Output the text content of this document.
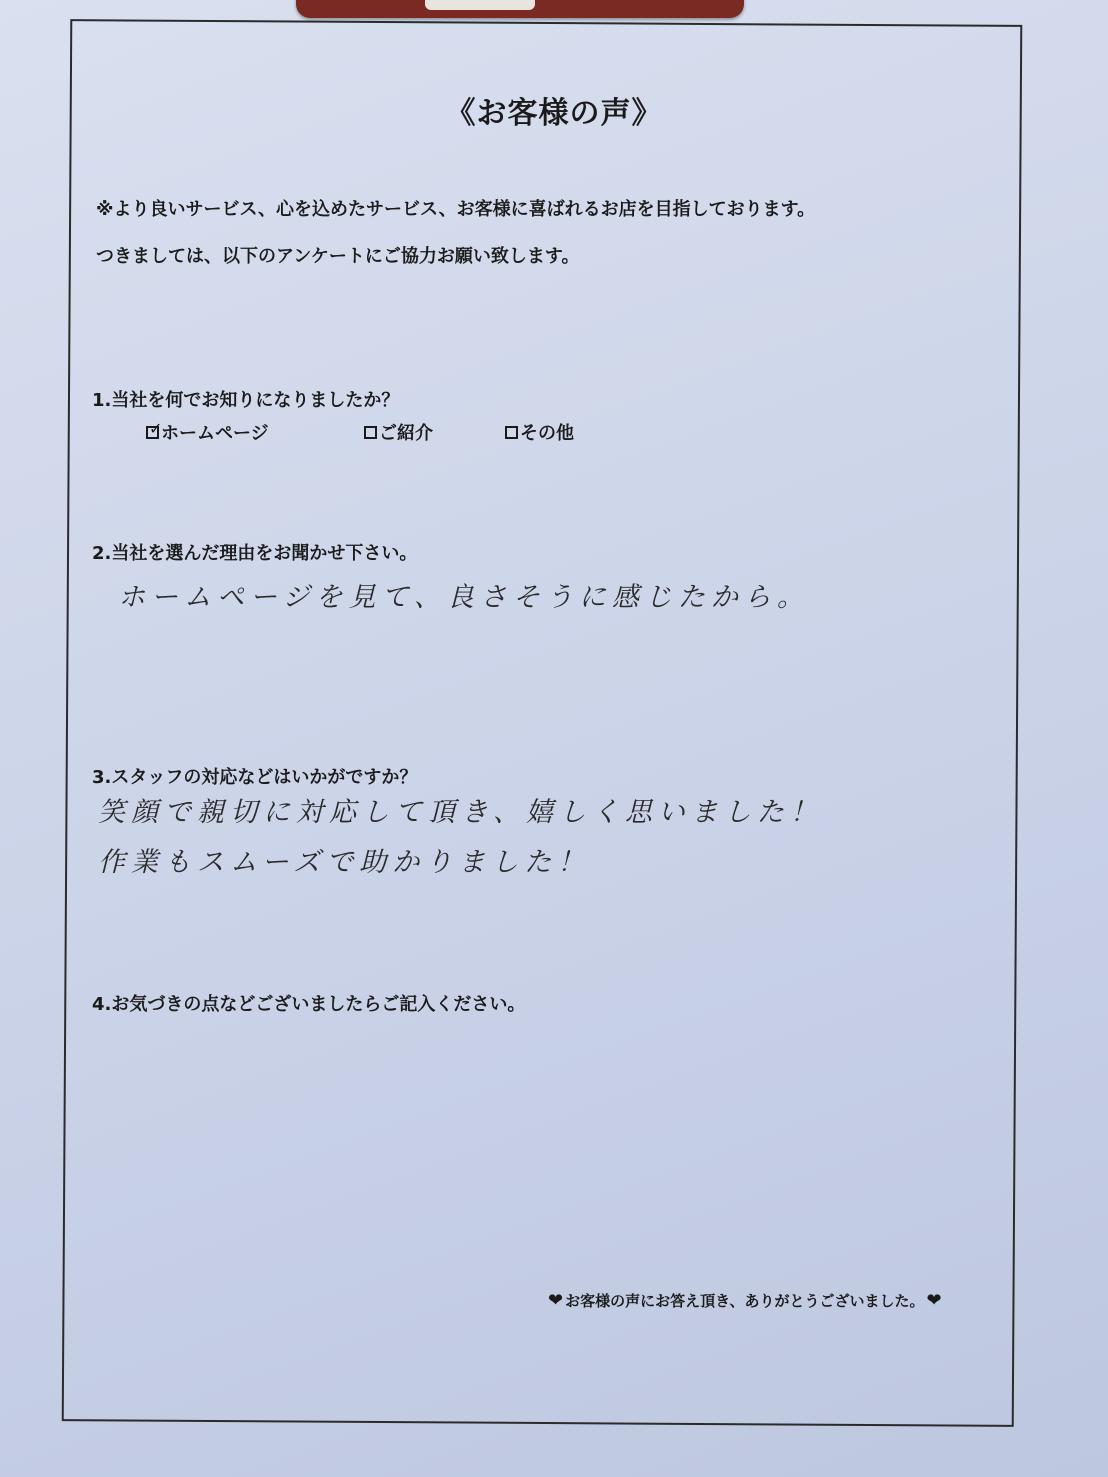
《お客様の声》
※より良いサービス、心を込めたサービス、お客様に喜ばれるお店を目指しております。
つきましては、以下のアンケートにご協力お願い致します。
1.当社を何でお知りになりましたか？
✓
ホームページ	ご紹介	その他
2.当社を選んだ理由をお聞かせ下さい。
ホームページを見て、良さそうに感じたから。
3.スタッフの対応などはいかがですか？
笑顔で親切に対応して頂き、嬉しく思いました！
作業もスムーズで助かりました！
4.お気づきの点などございましたらご記入ください。
❤ お客様の声にお答え頂き、ありがとうございました。 ❤
